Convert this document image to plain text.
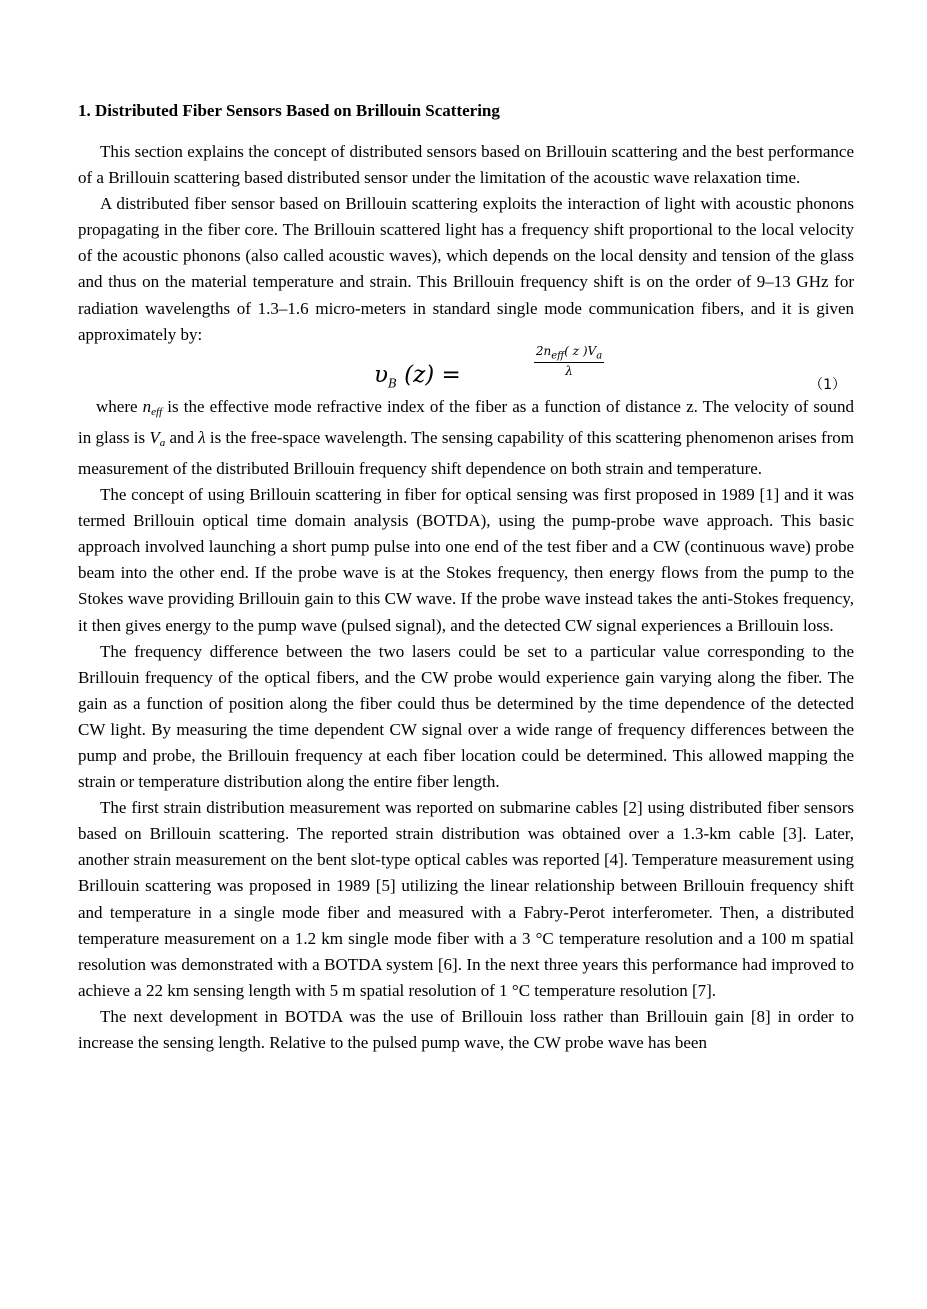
1. Distributed Fiber Sensors Based on Brillouin Scattering

This section explains the concept of distributed sensors based on Brillouin scattering and the best performance of a Brillouin scattering based distributed sensor under the limitation of the acoustic wave relaxation time.

A distributed fiber sensor based on Brillouin scattering exploits the interaction of light with acoustic phonons propagating in the fiber core. The Brillouin scattered light has a frequency shift proportional to the local velocity of the acoustic phonons (also called acoustic waves), which depends on the local density and tension of the glass and thus on the material temperature and strain. This Brillouin frequency shift is on the order of 9–13 GHz for radiation wavelengths of 1.3–1.6 micro-meters in standard single mode communication fibers, and it is given approximately by:

$\upsilon_B$ (z) =
$2n_{eff}$( z )$V_a$
λ
（1）

where $n_{eff}$ is the effective mode refractive index of the fiber as a function of distance z. The velocity of sound in glass is $V_a$ and λ is the free-space wavelength. The sensing capability of this scattering phenomenon arises from measurement of the distributed Brillouin frequency shift dependence on both strain and temperature.

The concept of using Brillouin scattering in fiber for optical sensing was first proposed in 1989 [1] and it was termed Brillouin optical time domain analysis (BOTDA), using the pump-probe wave approach. This basic approach involved launching a short pump pulse into one end of the test fiber and a CW (continuous wave) probe beam into the other end. If the probe wave is at the Stokes frequency, then energy flows from the pump to the Stokes wave providing Brillouin gain to this CW wave. If the probe wave instead takes the anti-Stokes frequency, it then gives energy to the pump wave (pulsed signal), and the detected CW signal experiences a Brillouin loss.

The frequency difference between the two lasers could be set to a particular value corresponding to the Brillouin frequency of the optical fibers, and the CW probe would experience gain varying along the fiber. The gain as a function of position along the fiber could thus be determined by the time dependence of the detected CW light. By measuring the time dependent CW signal over a wide range of frequency differences between the pump and probe, the Brillouin frequency at each fiber location could be determined. This allowed mapping the strain or temperature distribution along the entire fiber length.

The first strain distribution measurement was reported on submarine cables [2] using distributed fiber sensors based on Brillouin scattering. The reported strain distribution was obtained over a 1.3-km cable [3]. Later, another strain measurement on the bent slot-type optical cables was reported [4]. Temperature measurement using Brillouin scattering was proposed in 1989 [5] utilizing the linear relationship between Brillouin frequency shift and temperature in a single mode fiber and measured with a Fabry-Perot interferometer. Then, a distributed temperature measurement on a 1.2 km single mode fiber with a 3 °C temperature resolution and a 100 m spatial resolution was demonstrated with a BOTDA system [6]. In the next three years this performance had improved to achieve a 22 km sensing length with 5 m spatial resolution of 1 °C temperature resolution [7].

The next development in BOTDA was the use of Brillouin loss rather than Brillouin gain [8] in order to increase the sensing length. Relative to the pulsed pump wave, the CW probe wave has been
